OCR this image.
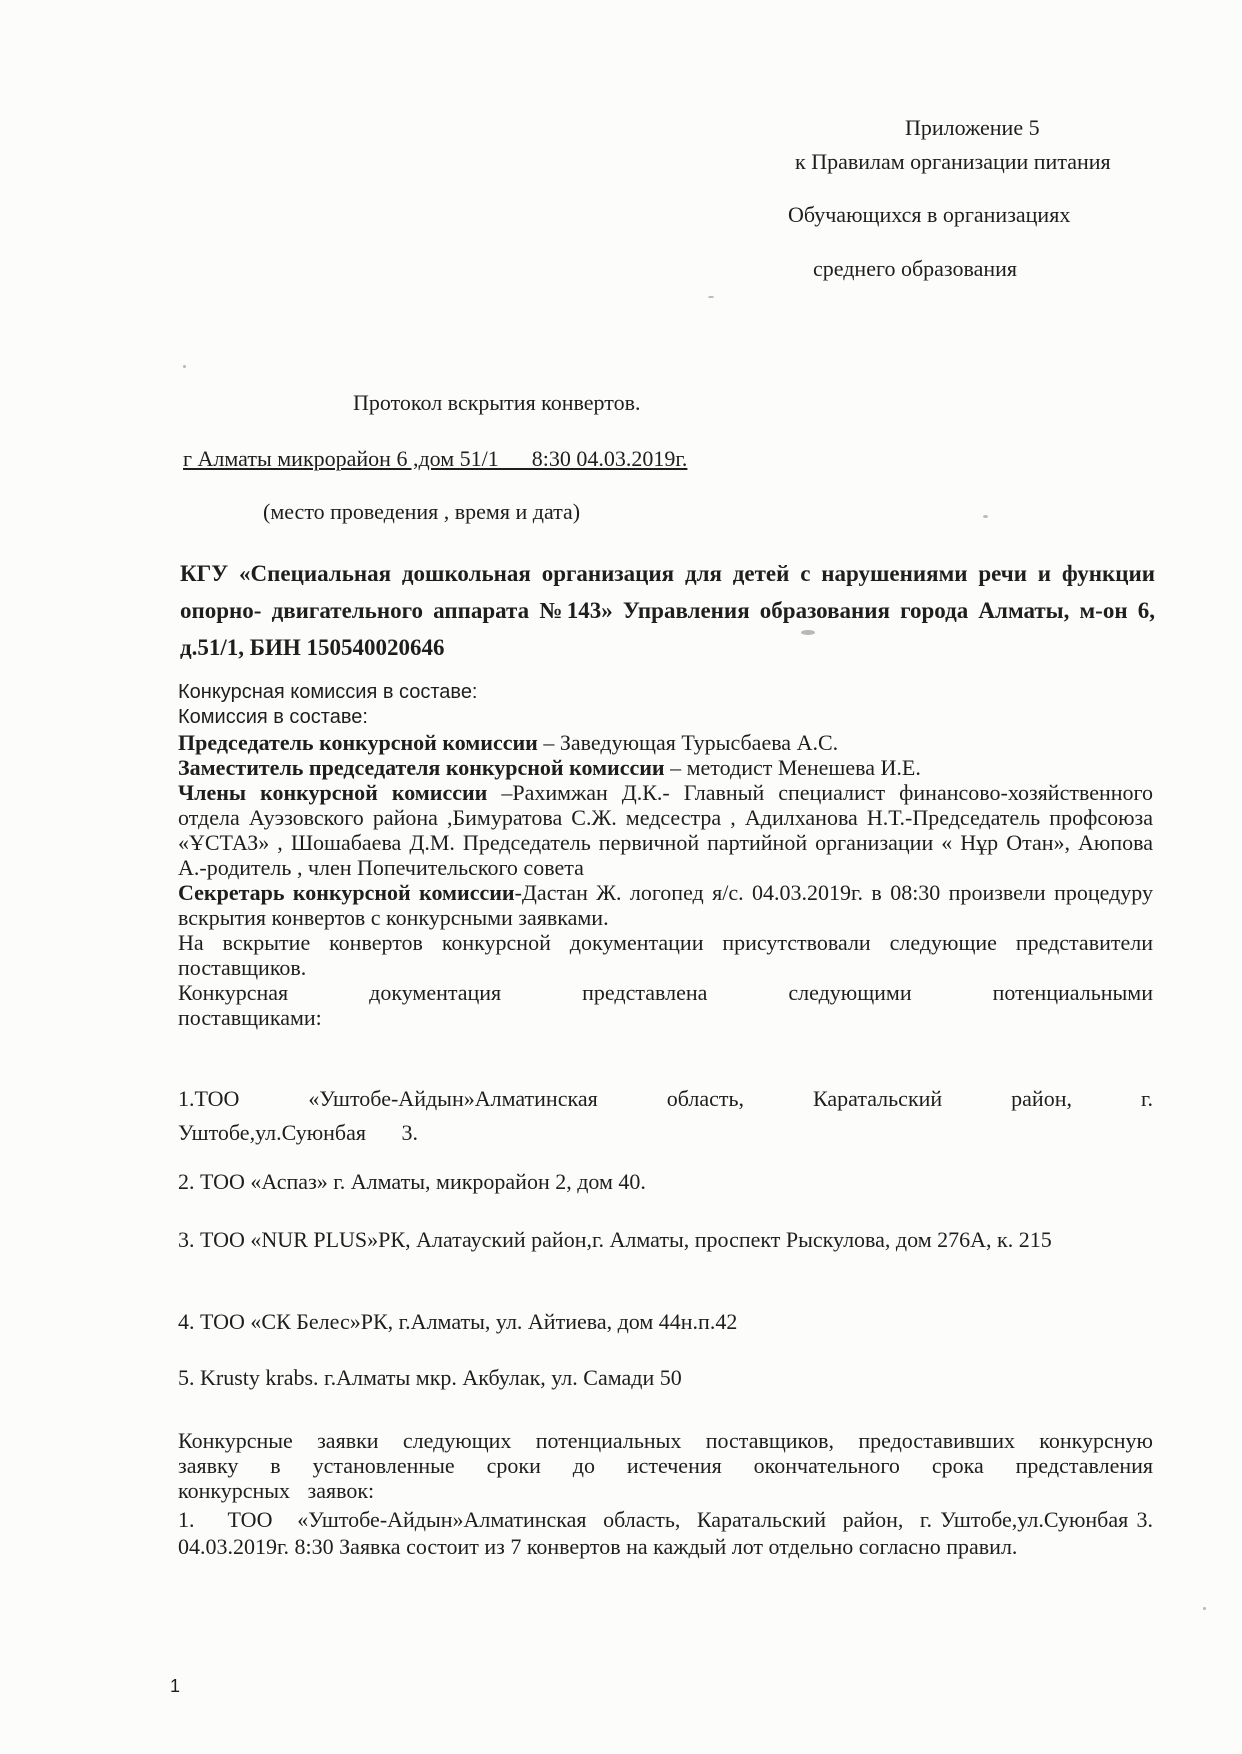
Приложение 5

к Правилам организации питания

Обучающихся в организациях

среднего образования

Протокол вскрытия конвертов.

г Алматы микрорайон 6 ,дом 51/1      8:30 04.03.2019г.

(место проведения , время и дата)

КГУ «Специальная дошкольная организация для детей с нарушениями речи и функции опорно- двигательного аппарата №143» Управления образования города Алматы, м-он 6, д.51/1, БИН 150540020646

Конкурсная комиссия в составе:

Комиссия в составе:

Председатель конкурсной комиссии – Заведующая Турысбаева А.С.

Заместитель председателя конкурсной комиссии – методист Менешева И.Е.

Члены конкурсной комиссии –Рахимжан Д.К.- Главный специалист финансово-хозяйственного отдела Ауэзовского района ,Бимуратова С.Ж. медсестра , Адилханова Н.Т.-Председатель профсоюза «ҰСТАЗ» , Шошабаева Д.М. Председатель первичной партийной организации « Нұр Отан», Аюпова А.-родитель , член Попечительского совета

Секретарь конкурсной комиссии-Дастан Ж. логопед я/с. 04.03.2019г. в 08:30 произвели процедуру вскрытия конвертов с конкурсными заявками.

На вскрытие конвертов конкурсной документации присутствовали следующие представители поставщиков.

Конкурсная документация представлена следующими потенциальными поставщиками:

1.ТОО «Уштобе-Айдын»Алматинская область, Каратальский район, г. Уштобе,ул.Суюнбая 3.

2. ТОО «Аспаз» г. Алматы, микрорайон 2, дом 40.

3. ТОО «NUR PLUS»РК, Алатауский район,г. Алматы, проспект Рыскулова, дом 276А, к. 215

4. ТОО «СК Белес»РК, г.Алматы, ул. Айтиева, дом 44н.п.42

5. Krusty krabs. г.Алматы мкр. Акбулак, ул. Самади 50

Конкурсные заявки следующих потенциальных поставщиков, предоставивших конкурсную заявку в установленные сроки до истечения окончательного срока представления конкурсных заявок:

1.    ТОО   «Уштобе-Айдын»Алматинская  область,  Каратальский  район,  г. Уштобе,ул.Суюнбая 3. 04.03.2019г. 8:30 Заявка состоит из 7 конвертов на каждый лот отдельно согласно правил.

1
